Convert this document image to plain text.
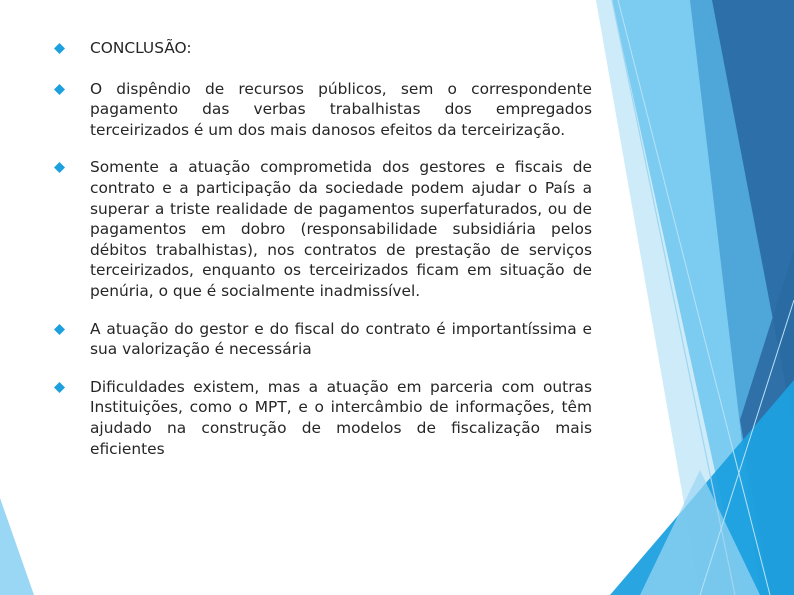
CONCLUSÃO:
O dispêndio de recursos públicos, sem o correspondente pagamento das verbas trabalhistas dos empregados terceirizados é um dos mais danosos efeitos da terceirização.
Somente a atuação comprometida dos gestores e fiscais de contrato e a participação da sociedade podem ajudar o País a superar a triste realidade de pagamentos superfaturados, ou de pagamentos em dobro (responsabilidade subsidiária pelos débitos trabalhistas), nos contratos de prestação de serviços terceirizados, enquanto os terceirizados ficam em situação de penúria, o que é socialmente inadmissível.
A atuação do gestor e do fiscal do contrato é importantíssima e sua valorização é necessária
Dificuldades existem, mas a atuação em parceria com outras Instituições, como o MPT, e o intercâmbio de informações, têm ajudado na construção de modelos de fiscalização mais eficientes
